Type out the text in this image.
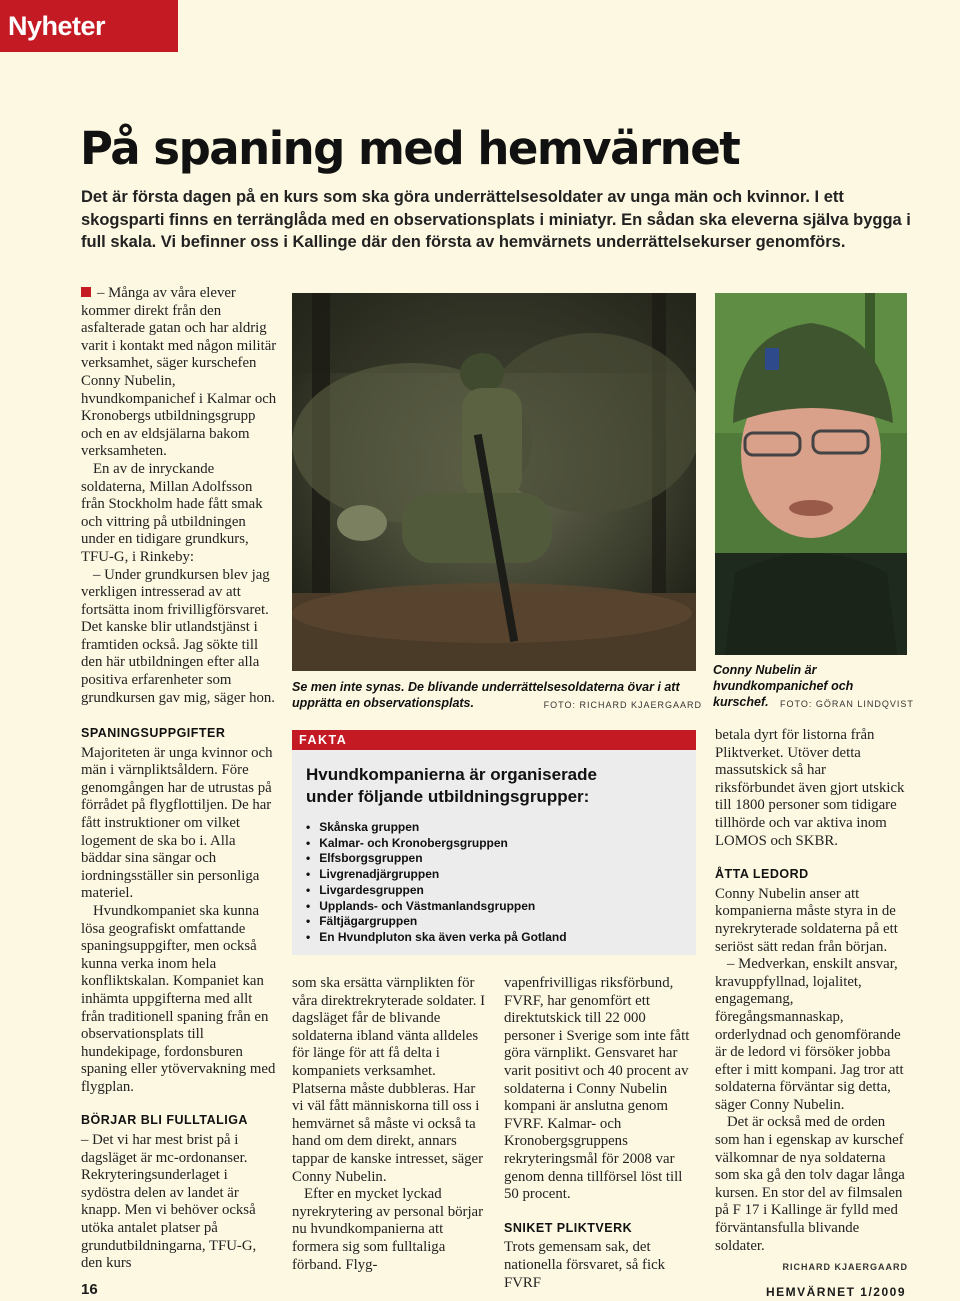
Nyheter
På spaning med hemvärnet
Det är första dagen på en kurs som ska göra underrättelsesoldater av unga män och kvinnor. I ett skogsparti finns en terränglåda med en observationsplats i miniatyr. En sådan ska eleverna själva bygga i full skala. Vi befinner oss i Kallinge där den första av hemvärnets underrättelsekurser genomförs.

– Många av våra elever kommer direkt från den asfalterade gatan och har aldrig varit i kontakt med någon militär verksamhet, säger kurschefen Conny Nubelin, hvundkompanichef i Kalmar och Kronobergs utbildningsgrupp och en av eldsjälarna bakom verksamheten.

En av de inryckande soldaterna, Millan Adolfsson från Stockholm hade fått smak och vittring på utbildningen under en tidigare grundkurs, TFU-G, i Rinkeby:

– Under grundkursen blev jag verkligen intresserad av att fortsätta inom frivilligförsvaret. Det kanske blir utlandstjänst i framtiden också. Jag sökte till den här utbildningen efter alla positiva erfarenheter som grundkursen gav mig, säger hon.

SPANINGSUPPGIFTER

Majoriteten är unga kvinnor och män i värnpliktsåldern. Före genomgången har de utrustas på förrådet på flygflottiljen. De har fått instruktioner om vilket logement de ska bo i. Alla bäddar sina sängar och iordningsställer sin personliga materiel.

Hvundkompaniet ska kunna lösa geografiskt omfattande spaningsuppgifter, men också kunna verka inom hela konfliktskalan. Kompaniet kan inhämta uppgifterna med allt från traditionell spaning från en observationsplats till hundekipage, fordonsburen spaning eller ytövervakning med flygplan.

BÖRJAR BLI FULLTALIGA

– Det vi har mest brist på i dagsläget är mc-ordonanser. Rekryteringsunderlaget i sydöstra delen av landet är knapp. Men vi behöver också utöka antalet platser på grundutbildningarna, TFU-G, den kurs

Se men inte synas. De blivande underrättelsesoldaterna övar i att upprätta en observationsplats.	FOTO: RICHARD KJAERGAARD
Conny Nubelin är hvundkompanichef och kurschef.	FOTO: GÖRAN LINDQVIST
FAKTA
Hvundkompanierna är organiserade under följande utbildningsgrupper:
• Skånska gruppen
• Kalmar- och Kronobergsgruppen
• Elfsborgsgruppen
• Livgrenadjärgruppen
• Livgardesgruppen
• Upplands- och Västmanlandsgruppen
• Fältjägargruppen
• En Hvundpluton ska även verka på Gotland

som ska ersätta värnplikten för våra direktrekryterade soldater. I dagsläget får de blivande soldaterna ibland vänta alldeles för länge för att få delta i kompaniets verksamhet. Platserna måste dubbleras. Har vi väl fått människorna till oss i hemvärnet så måste vi också ta hand om dem direkt, annars tappar de kanske intresset, säger Conny Nubelin.

Efter en mycket lyckad nyrekrytering av personal börjar nu hvundkompanierna att formera sig som fulltaliga förband. Flyg-

vapenfrivilligas riksförbund, FVRF, har genomfört ett direktutskick till 22 000 personer i Sverige som inte fått göra värnplikt. Gensvaret har varit positivt och 40 procent av soldaterna i Conny Nubelin kompani är anslutna genom FVRF. Kalmar- och Kronobergsgruppens rekryteringsmål för 2008 var genom denna tillförsel löst till 50 procent.

SNIKET PLIKTVERK

Trots gemensam sak, det nationella försvaret, så fick FVRF

betala dyrt för listorna från Pliktverket. Utöver detta massutskick så har riksförbundet även gjort utskick till 1800 personer som tidigare tillhörde och var aktiva inom LOMOS och SKBR.

ÅTTA LEDORD

Conny Nubelin anser att kompanierna måste styra in de nyrekryterade soldaterna på ett seriöst sätt redan från början.

– Medverkan, enskilt ansvar, kravuppfyllnad, lojalitet, engagemang, föregångsmannaskap, orderlydnad och genomförande är de ledord vi försöker jobba efter i mitt kompani. Jag tror att soldaterna förväntar sig detta, säger Conny Nubelin.

Det är också med de orden som han i egenskap av kurschef välkomnar de nya soldaterna som ska gå den tolv dagar långa kursen. En stor del av filmsalen på F 17 i Kallinge är fylld med förväntansfulla blivande soldater.

RICHARD KJAERGAARD
16	HEMVÄRNET 1/2009
